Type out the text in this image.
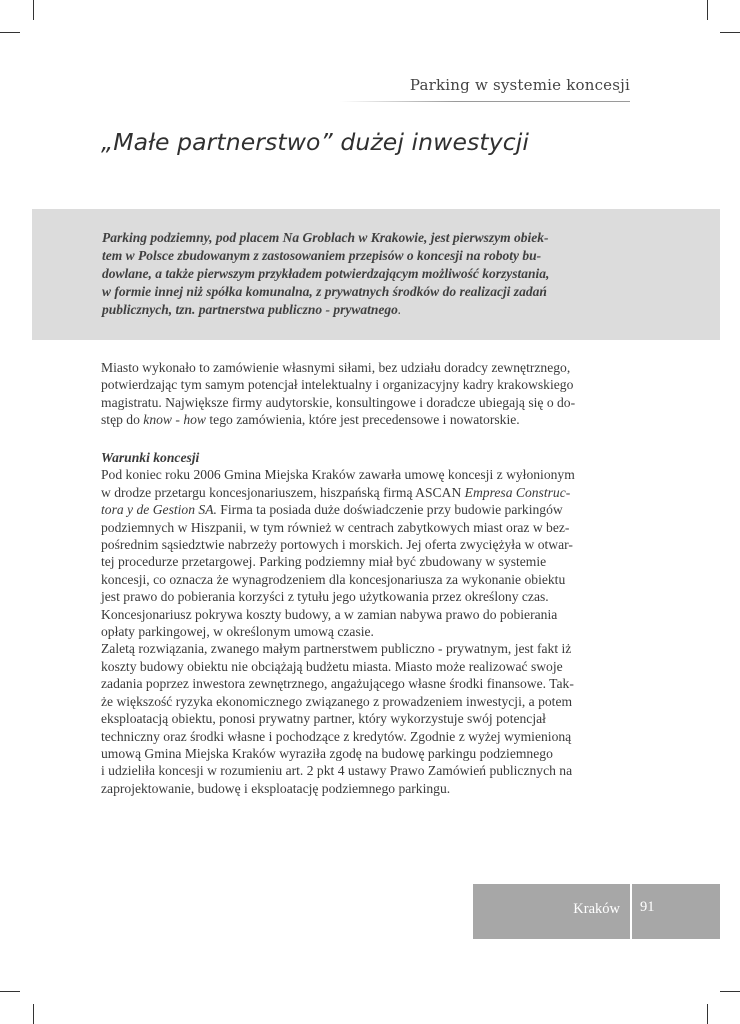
Parking w systemie koncesji
„Małe partnerstwo” dużej inwestycji

Parking podziemny, pod placem Na Groblach w Krakowie, jest pierwszym obiek-
tem w Polsce zbudowanym z zastosowaniem przepisów o koncesji na roboty bu-
dowlane, a także pierwszym przykładem potwierdzającym możliwość korzystania,
w formie innej niż spółka komunalna, z prywatnych środków do realizacji zadań
publicznych, tzn. partnerstwa publiczno - prywatnego.

Miasto wykonało to zamówienie własnymi siłami, bez udziału doradcy zewnętrznego,
potwierdzając tym samym potencjał intelektualny i organizacyjny kadry krakowskiego
magistratu. Największe firmy audytorskie, konsultingowe i doradcze ubiegają się o do-
stęp do know - how tego zamówienia, które jest precedensowe i nowatorskie.

Warunki koncesji
Pod koniec roku 2006 Gmina Miejska Kraków zawarła umowę koncesji z wyłonionym
w drodze przetargu koncesjonariuszem, hiszpańską firmą ASCAN Empresa Construc-
tora y de Gestion SA. Firma ta posiada duże doświadczenie przy budowie parkingów
podziemnych w Hiszpanii, w tym również w centrach zabytkowych miast oraz w bez-
pośrednim sąsiedztwie nabrzeży portowych i morskich. Jej oferta zwyciężyła w otwar-
tej procedurze przetargowej. Parking podziemny miał być zbudowany w systemie
koncesji, co oznacza że wynagrodzeniem dla koncesjonariusza za wykonanie obiektu
jest prawo do pobierania korzyści z tytułu jego użytkowania przez określony czas.
Koncesjonariusz pokrywa koszty budowy, a w zamian nabywa prawo do pobierania
opłaty parkingowej, w określonym umową czasie.
Zaletą rozwiązania, zwanego małym partnerstwem publiczno - prywatnym, jest fakt iż
koszty budowy obiektu nie obciążają budżetu miasta. Miasto może realizować swoje
zadania poprzez inwestora zewnętrznego, angażującego własne środki finansowe. Tak-
że większość ryzyka ekonomicznego związanego z prowadzeniem inwestycji, a potem
eksploatacją obiektu, ponosi prywatny partner, który wykorzystuje swój potencjał
techniczny oraz środki własne i pochodzące z kredytów. Zgodnie z wyżej wymienioną
umową Gmina Miejska Kraków wyraziła zgodę na budowę parkingu podziemnego
i udzieliła koncesji w rozumieniu art. 2 pkt 4 ustawy Prawo Zamówień publicznych na
zaprojektowanie, budowę i eksploatację podziemnego parkingu.

Kraków 91
